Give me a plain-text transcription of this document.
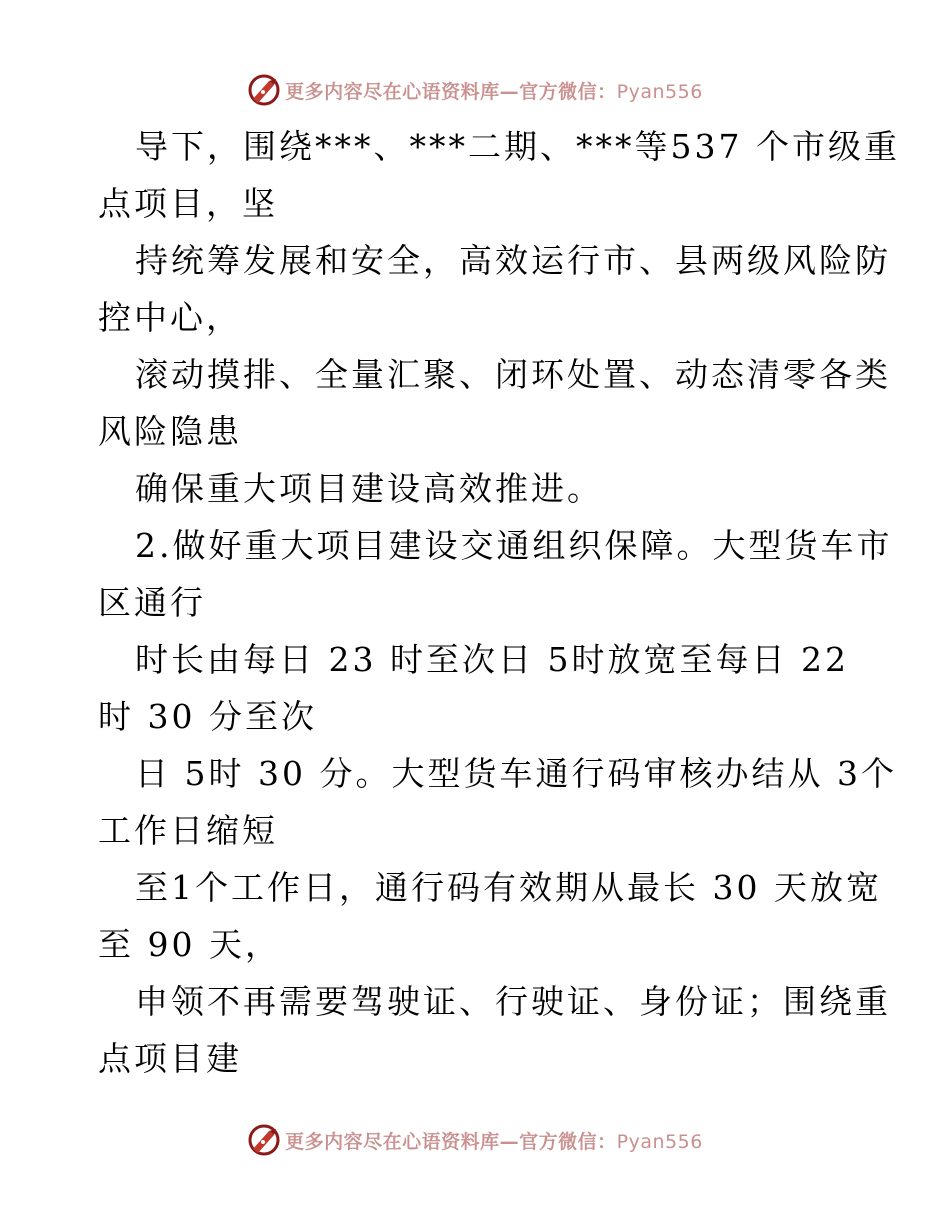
更多内容尽在心语资料库—官方微信：Pyan556
导下，围绕***、***二期、***等537 个市级重
点项目，坚
持统筹发展和安全，高效运行市、县两级风险防
控中心，
滚动摸排、全量汇聚、闭环处置、动态清零各类
风险隐患
确保重大项目建设高效推进。
2.做好重大项目建设交通组织保障。大型货车市
区通行
时长由每日 23 时至次日 5时放宽至每日 22
时 30 分至次
日 5时 30 分。大型货车通行码审核办结从 3个
工作日缩短
至1个工作日，通行码有效期从最长 30 天放宽
至 90 天，
申领不再需要驾驶证、行驶证、身份证；围绕重
点项目建
更多内容尽在心语资料库—官方微信：Pyan556
